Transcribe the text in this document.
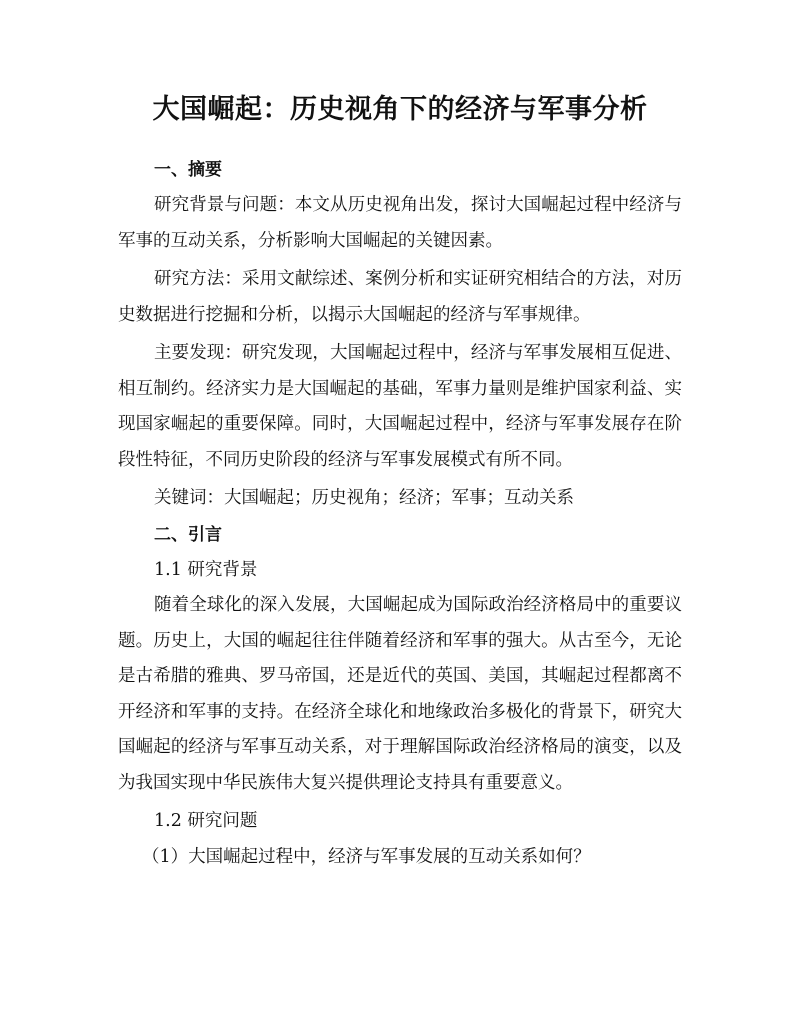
大国崛起：历史视角下的经济与军事分析
一、摘要

研究背景与问题：本文从历史视角出发，探讨大国崛起过程中经济与军事的互动关系，分析影响大国崛起的关键因素。

研究方法：采用文献综述、案例分析和实证研究相结合的方法，对历史数据进行挖掘和分析，以揭示大国崛起的经济与军事规律。

主要发现：研究发现，大国崛起过程中，经济与军事发展相互促进、相互制约。经济实力是大国崛起的基础，军事力量则是维护国家利益、实现国家崛起的重要保障。同时，大国崛起过程中，经济与军事发展存在阶段性特征，不同历史阶段的经济与军事发展模式有所不同。

关键词：大国崛起；历史视角；经济；军事；互动关系

二、引言

1.1 研究背景

随着全球化的深入发展，大国崛起成为国际政治经济格局中的重要议题。历史上，大国的崛起往往伴随着经济和军事的强大。从古至今，无论是古希腊的雅典、罗马帝国，还是近代的英国、美国，其崛起过程都离不开经济和军事的支持。在经济全球化和地缘政治多极化的背景下，研究大国崛起的经济与军事互动关系，对于理解国际政治经济格局的演变，以及为我国实现中华民族伟大复兴提供理论支持具有重要意义。

1.2 研究问题

（1）大国崛起过程中，经济与军事发展的互动关系如何？
